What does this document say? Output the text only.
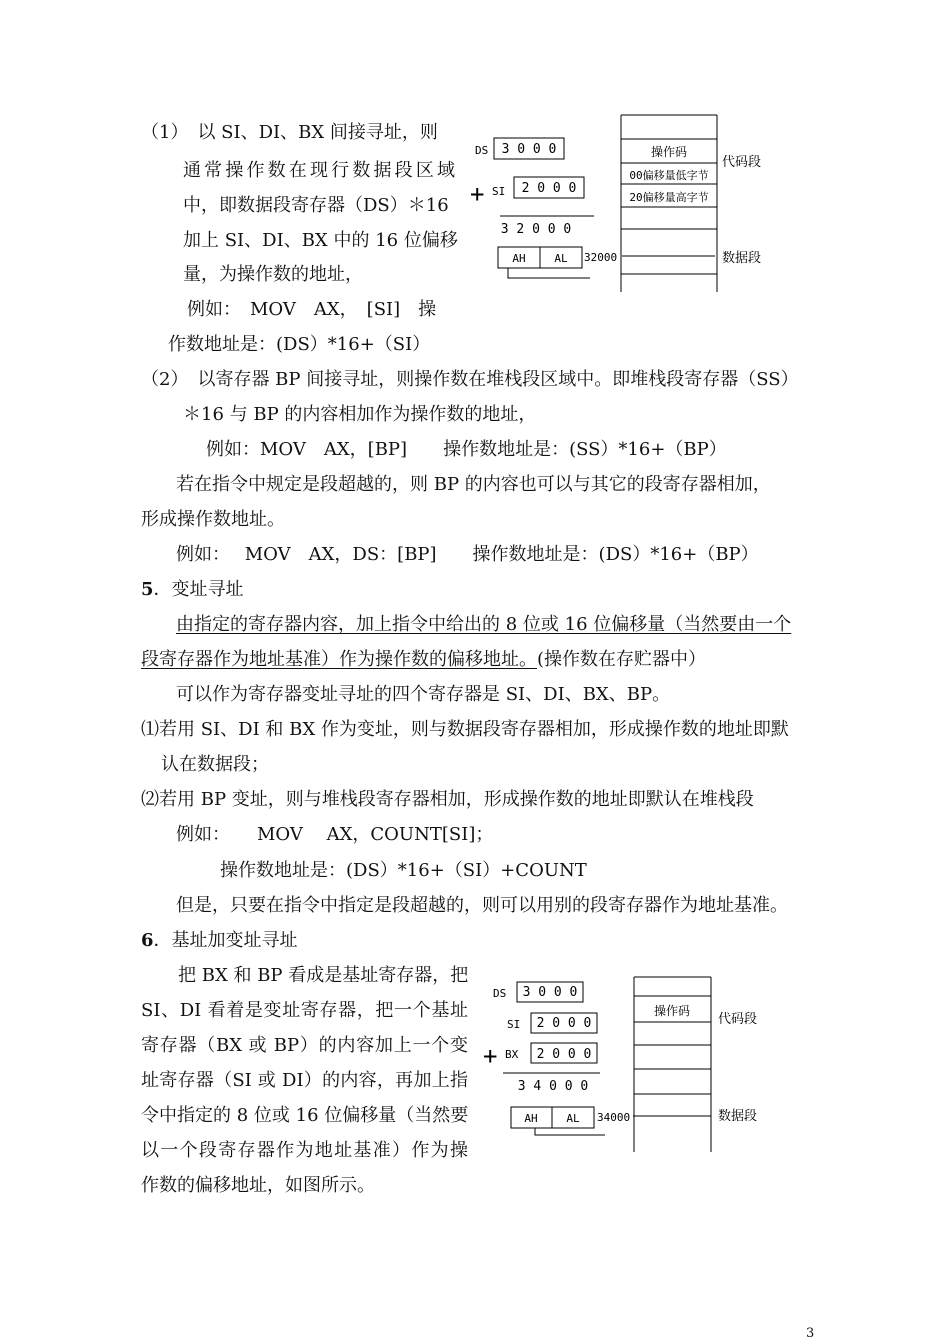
（1）　以 SI、DI、BX 间接寻址，则
通常操作数在现行数据段区域
中，即数据段寄存器（DS）＊16
加上 SI、DI、BX 中的 16 位偏移
量，为操作数的地址，
例如：　MOV　AX，　[SI]　操
作数地址是：(DS）*16+（SI）
DS 3 0 0 0
+ SI 2 0 0 0
3 2 0 0 0
AH	AL 32000
操作码
00偏移量低字节
20偏移量高字节
代码段
数据段
（2）　以寄存器 BP 间接寻址，则操作数在堆栈段区域中。即堆栈段寄存器（SS）
＊16 与 BP 的内容相加作为操作数的地址，
例如：MOV　AX，[BP]　　操作数地址是：(SS）*16+（BP）
若在指令中规定是段超越的，则 BP 的内容也可以与其它的段寄存器相加，
形成操作数地址。
例如：　 MOV　AX，DS：[BP]　　操作数地址是：(DS）*16+（BP）
5．变址寻址
由指定的寄存器内容，加上指令中给出的 8 位或 16 位偏移量（当然要由一个
段寄存器作为地址基准）作为操作数的偏移地址。(操作数在存贮器中）
可以作为寄存器变址寻址的四个寄存器是 SI、DI、BX、BP。
⑴若用 SI、DI 和 BX 作为变址，则与数据段寄存器相加，形成操作数的地址即默
认在数据段；
⑵若用 BP 变址，则与堆栈段寄存器相加，形成操作数的地址即默认在堆栈段
例如：　　MOV　 AX，COUNT[SI]；
操作数地址是：(DS）*16+（SI）+COUNT
但是，只要在指令中指定是段超越的，则可以用别的段寄存器作为地址基准。
6．基址加变址寻址
把 BX 和 BP 看成是基址寄存器，把
SI、DI 看着是变址寄存器，把一个基址
寄存器（BX 或 BP）的内容加上一个变
址寄存器（SI 或 DI）的内容，再加上指
令中指定的 8 位或 16 位偏移量（当然要
以一个段寄存器作为地址基准）作为操
作数的偏移地址，如图所示。
DS 3 0 0 0
SI 2 0 0 0
+ BX 2 0 0 0
3 4 0 0 0
AH	AL 34000
操作码
代码段
数据段
3
